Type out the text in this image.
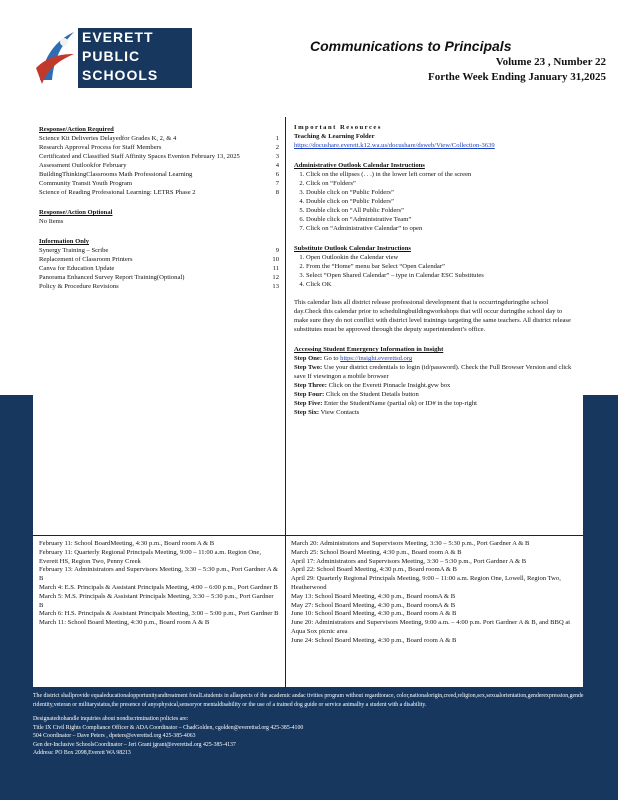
EVERETT
PUBLIC
SCHOOLS
Communications to Principals
Volume 23 , Number 22
Forthe Week Ending January 31,2025
Response/Action Required
Science Kit Deliveries Delayedfor Grades K, 2, & 4	1
Research Approval Process for Staff Members	2
Certificated and Classified Staff Affinity Spaces Eventon February 13, 2025	3
Assessment Outlookfor February	4
BuildingThinkingClassrooms Math Professional Learning	6
Community Transit Youth Program	7
Science of Reading Professional Learning: LETRS Phase 2	8
Response/Action Optional
No Items
Information Only
Synergy Training – Scribe	9
Replacement of Classroom Printers	10
Canva for Education Update	11
Panorama Enhanced Survey Report Training(Optional)	12
Policy & Procedure Revisions	13
Important Resources
Teaching & Learning Folder
https://docushare.everett.k12.wa.us/docushare/dsweb/View/Collection-3639
Administrative Outlook Calendar Instructions
1. Click on the ellipses (. . .) in the lower left corner of the screen
2. Click on “Folders”
3. Double click on “Public Folders”
4. Double click on “Public Folders”
5. Double click on “All Public Folders”
6. Double click on “Administrative Team”
7. Click on “Administrative Calendar” to open
Substitute Outlook Calendar Instructions
1. Open Outlookin the Calendar view
2. From the “Home” menu bar Select “Open Calendar”
3. Select “Open Shared Calendar” – type in Calendar ESC Substitutes
4. Click OK
This calendar lists all district release professional development that is occurringduringthe school day.Check this calendar prior to schedulingbuildingworkshops that will occur duringthe school day to make sure they do not conflict with district level trainings targeting the same teachers. All district release substitutes must be approved through the deputy superintendent’s office.
Accessing Student Emergency Information in Insight
Step One: Go to https://insight.everettsd.org
Step Two: Use your district credentials to login (id/password). Check the Full Browser Version and click save If viewingon a mobile browser
Step Three: Click on the Everett Pinnacle Insight.gvw box
Step Four: Click on the Student Details button
Step Five: Enter the StudentName (partial ok) or ID# in the top-right
Step Six: View Contacts

February 11: School BoardMeeting, 4:30 p.m., Board room A & B

February 11: Quarterly Regional Principals Meeting, 9:00 – 11:00 a.m. Region One, Everett HS, Region Two, Penny Creek

February 13: Administrators and Supervisors Meeting, 3:30 – 5:30 p.m., Port Gardner A & B

March 4: E.S. Principals & Assistant Principals Meeting, 4:00 – 6:00 p.m., Port Gardner B

March 5: M.S. Principals & Assistant Principals Meeting, 3:30 – 5:30 p.m., Port Gardner B

March 6: H.S. Principals & Assistant Principals Meeting, 3:00 – 5:00 p.m., Port Gardner B

March 11: School Board Meeting, 4:30 p.m., Board room A & B

March 20: Administrators and Supervisors Meeting, 3:30 – 5:30 p.m., Port Gardner A & B

March 25: School Board Meeting, 4:30 p.m., Board room A & B

April 17: Administrators and Supervisors Meeting, 3:30 – 5:30 p.m., Port Gardner A & B

April 22: School Board Meeting, 4:30 p.m., Board roomA & B

April 29: Quarterly Regional Principals Meeting, 9:00 – 11:00 a.m. Region One, Lowell, Region Two, Heatherwood

May 13: School Board Meeting, 4:30 p.m., Board roomA & B

May 27: School Board Meeting, 4:30 p.m., Board roomA & B

June 10: School Board Meeting, 4:30 p.m., Board room A & B

June 20: Administrators and Supervisors Meeting, 9:00 a.m. – 4:00 p.m. Port Gardner A & B, and BBQ at Aqua Sox picnic area

June 24: School Board Meeting, 4:30 p.m., Board room A & B

The district shallprovide equaleducationalopportunityandtreatment foralLstudents in allaspects of the academic andac tivities program without regardtorace, color,nationalorigin,creed,religion,sex,sexualorientation,genderexpression,gende ridentity,veteran or militarystatus,the presence of anysphysical,sensoryor mentaldisability or the use of a trained dog guide or service animalby a student with a disability.

Designatedtohandle inquiries about nondiscrimination policies are:

Title IX Civil Rights Compliance Officer & ADA Coordinator – ChadGolden, cgolden@everettsd.org 425-385-4100

504 Coordinator – Dave Peters , dpeters@everettsd.org 425-385-4063

Gen der-Inclusive SchoolsCoordinator – Jeri Grant jgrant@everettsd.org 425-385-4137

Address: PO Box 2098,Everett WA 98213
